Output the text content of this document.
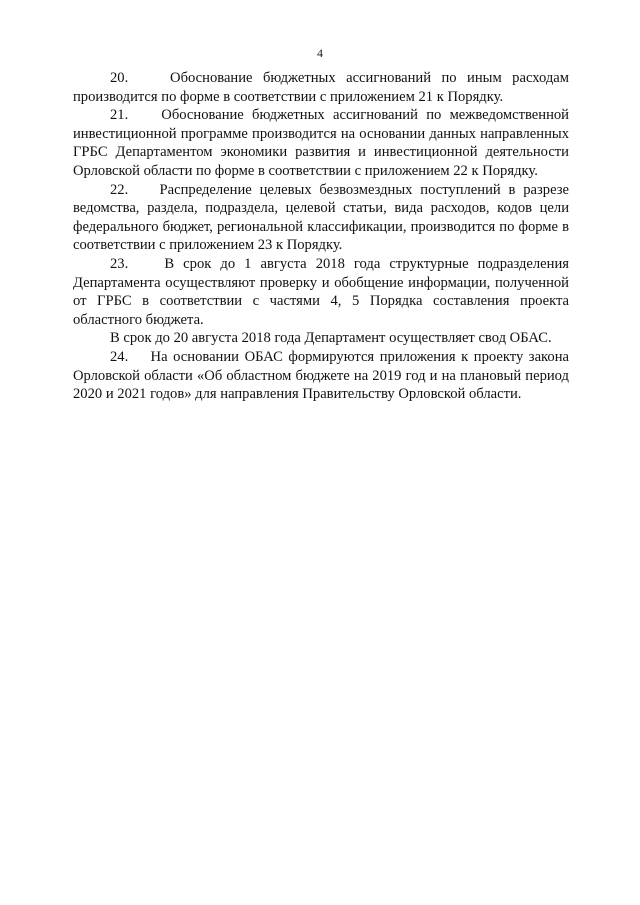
4

20.    Обоснование бюджетных ассигнований по иным расходам производится по форме в соответствии с приложением 21 к Порядку.

21.    Обоснование бюджетных ассигнований по межведомственной инвестиционной программе производится на основании данных направленных ГРБС Департаментом экономики развития и инвестиционной деятельности Орловской области по форме в соответствии с приложением 22 к Порядку.

22.    Распределение целевых безвозмездных поступлений в разрезе ведомства, раздела, подраздела, целевой статьи, вида расходов, кодов цели федерального бюджет, региональной классификации, производится по форме в соответствии с приложением 23 к Порядку.

23.    В срок до 1 августа 2018 года структурные подразделения Департамента осуществляют проверку и обобщение информации, полученной от ГРБС в соответствии с частями 4, 5 Порядка составления проекта областного бюджета.

В срок до 20 августа 2018 года Департамент осуществляет свод ОБАС.

24.    На основании ОБАС формируются приложения к проекту закона Орловской области «Об областном бюджете на 2019 год и на плановый период 2020 и 2021 годов» для направления Правительству Орловской области.
